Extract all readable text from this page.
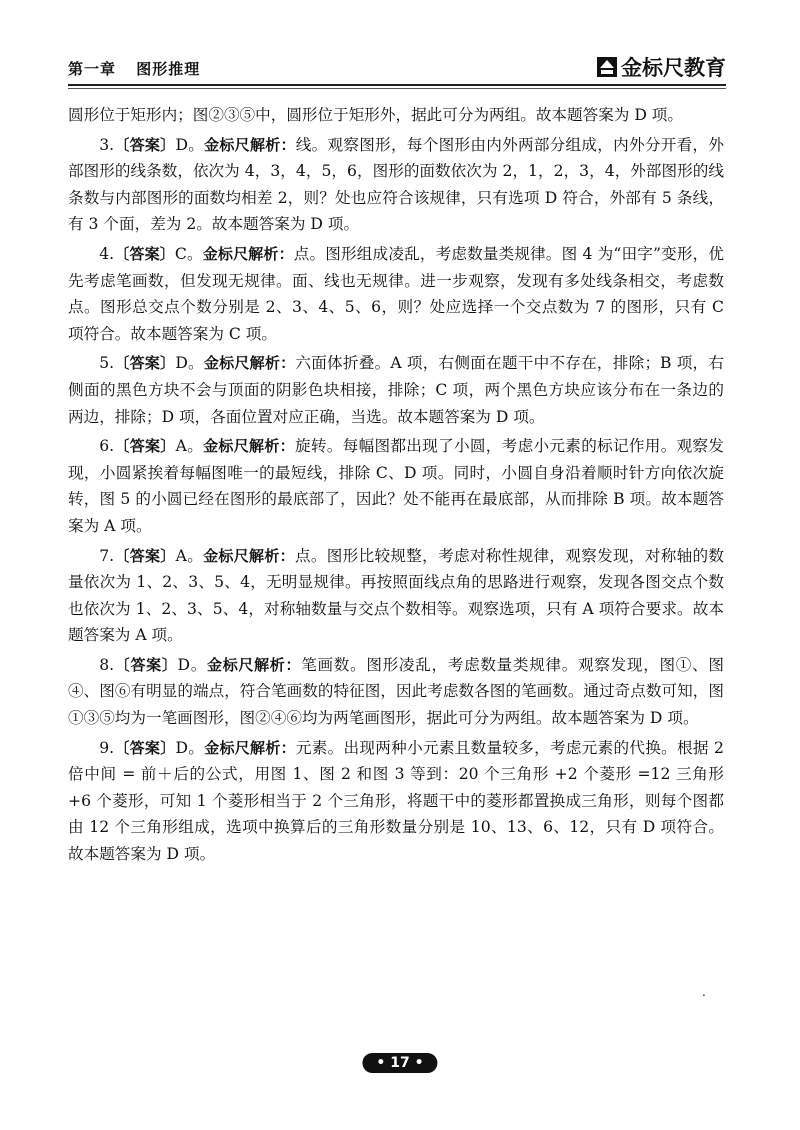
第一章 图形推理	金标尺教育

圆形位于矩形内；图②③⑤中，圆形位于矩形外，据此可分为两组。故本题答案为 D 项。

3.〔答案〕D。金标尺解析：线。观察图形，每个图形由内外两部分组成，内外分开看，外部图形的线条数，依次为 4，3，4，5，6，图形的面数依次为 2，1，2，3，4，外部图形的线条数与内部图形的面数均相差 2，则？处也应符合该规律，只有选项 D 符合，外部有 5 条线，有 3 个面，差为 2。故本题答案为 D 项。

4.〔答案〕C。金标尺解析：点。图形组成凌乱，考虑数量类规律。图 4 为“田字”变形，优先考虑笔画数，但发现无规律。面、线也无规律。进一步观察，发现有多处线条相交，考虑数点。图形总交点个数分别是 2、3、4、5、6，则？处应选择一个交点数为 7 的图形，只有 C 项符合。故本题答案为 C 项。

5.〔答案〕D。金标尺解析：六面体折叠。A 项，右侧面在题干中不存在，排除；B 项，右侧面的黑色方块不会与顶面的阴影色块相接，排除；C 项，两个黑色方块应该分布在一条边的两边，排除；D 项，各面位置对应正确，当选。故本题答案为 D 项。

6.〔答案〕A。金标尺解析：旋转。每幅图都出现了小圆，考虑小元素的标记作用。观察发现，小圆紧挨着每幅图唯一的最短线，排除 C、D 项。同时，小圆自身沿着顺时针方向依次旋转，图 5 的小圆已经在图形的最底部了，因此？处不能再在最底部，从而排除 B 项。故本题答案为 A 项。

7.〔答案〕A。金标尺解析：点。图形比较规整，考虑对称性规律，观察发现，对称轴的数量依次为 1、2、3、5、4，无明显规律。再按照面线点角的思路进行观察，发现各图交点个数也依次为 1、2、3、5、4，对称轴数量与交点个数相等。观察选项，只有 A 项符合要求。故本题答案为 A 项。

8.〔答案〕D。金标尺解析：笔画数。图形凌乱，考虑数量类规律。观察发现，图①、图④、图⑥有明显的端点，符合笔画数的特征图，因此考虑数各图的笔画数。通过奇点数可知，图①③⑤均为一笔画图形，图②④⑥均为两笔画图形，据此可分为两组。故本题答案为 D 项。

9.〔答案〕D。金标尺解析：元素。出现两种小元素且数量较多，考虑元素的代换。根据 2 倍中间 = 前＋后的公式，用图 1、图 2 和图 3 等到：20 个三角形 +2 个菱形 =12 三角形 +6 个菱形，可知 1 个菱形相当于 2 个三角形，将题干中的菱形都置换成三角形，则每个图都由 12 个三角形组成，选项中换算后的三角形数量分别是 10、13、6、12，只有 D 项符合。故本题答案为 D 项。

.
• 17 •
